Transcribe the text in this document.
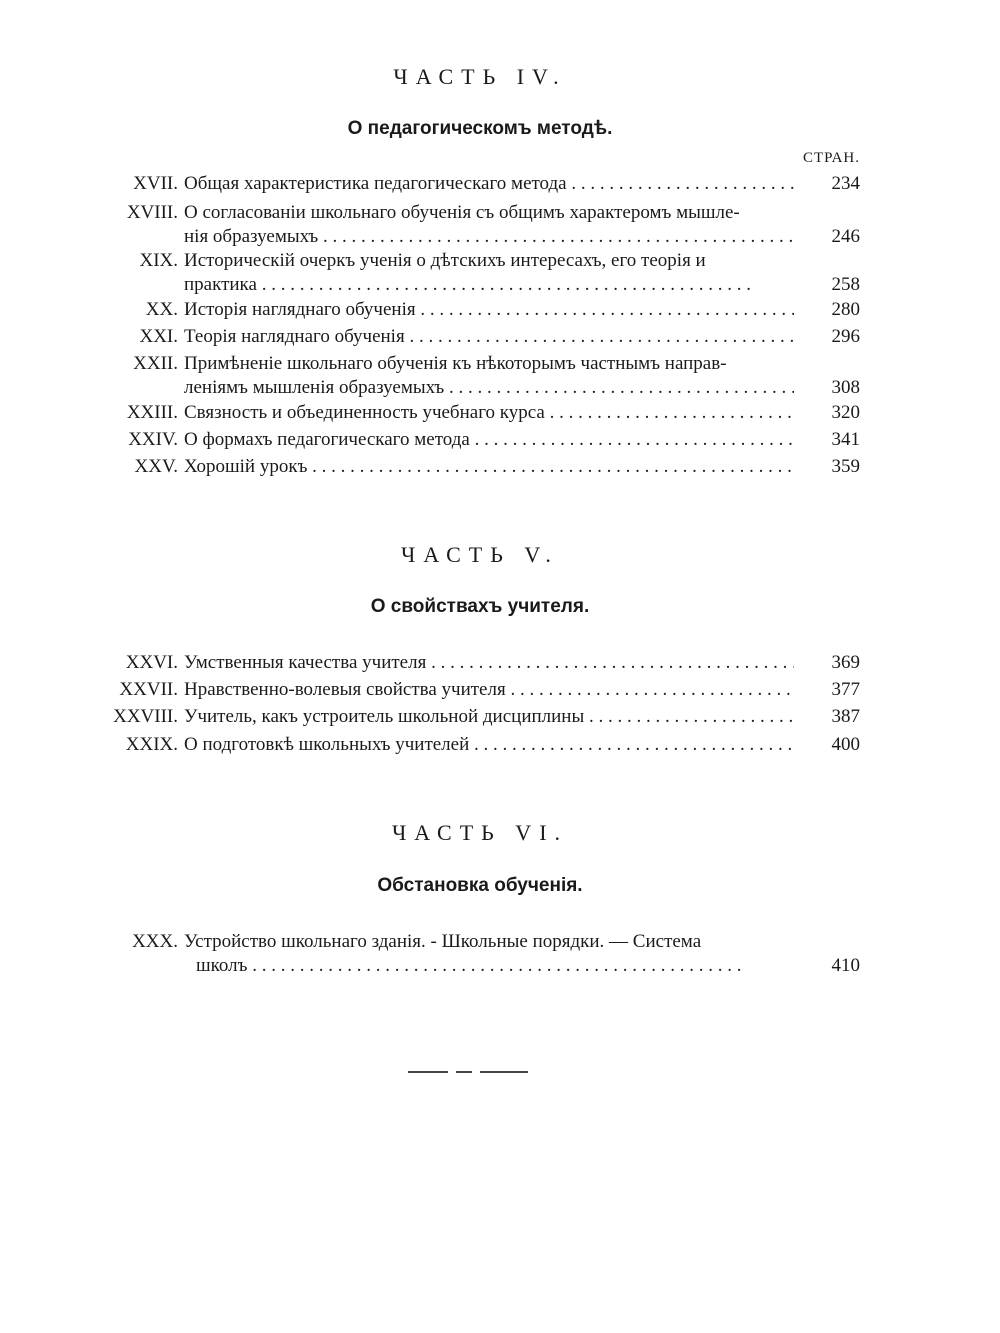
ЧАСТЬ IV.
О педагогическомъ методѣ.
СТРАН.
XVII. Общая характеристика педагогическаго метода . . .	234
XVIII. О согласованіи школьнаго обученія съ общимъ характеромъ мышле-
нія образуемыхъ . . .	246
XIX. Историческій очеркъ ученія о дѣтскихъ интересахъ, его теорія и
практика . . .	258
XX. Исторія нагляднаго обученія . . .	280
XXI. Теорія нагляднаго обученія . . .	296
XXII. Примѣненіе школьнаго обученія къ нѣкоторымъ частнымъ направ-
леніямъ мышленія образуемыхъ . . .	308
XXIII. Связность и объединенность учебнаго курса . . .	320
XXIV. О формахъ педагогическаго метода . . .	341
XXV. Хорошій урокъ . . .	359
ЧАСТЬ V.
О свойствахъ учителя.
XXVI. Умственныя качества учителя . . .	369
XXVII. Нравственно-волевыя свойства учителя . . .	377
XXVIII. Учитель, какъ устроитель школьной дисциплины . . .	387
XXIX. О подготовкѣ школьныхъ учителей . . .	400
ЧАСТЬ VI.
Обстановка обученія.
XXX. Устройство школьнаго зданія. - Школьные порядки. — Система
школъ . . .	410
